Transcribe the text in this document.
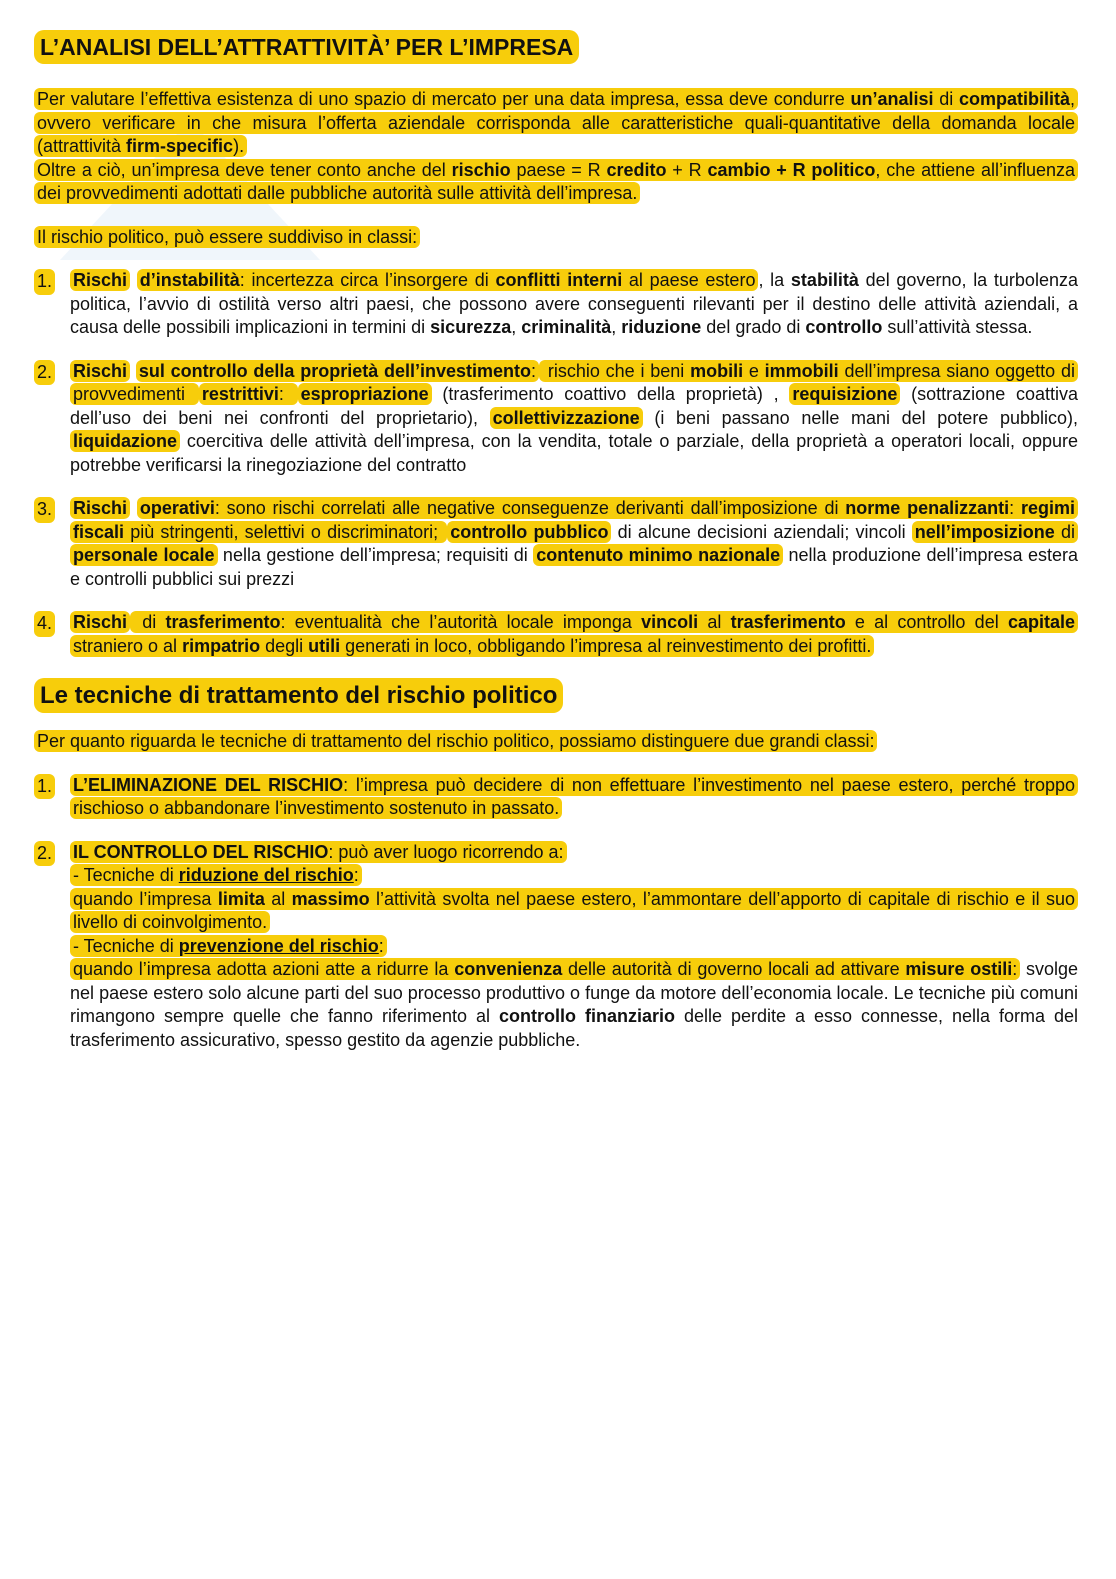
L’ANALISI DELL’ATTRATTIVITÀ’ PER L’IMPRESA

Per valutare l’effettiva esistenza di uno spazio di mercato per una data impresa, essa deve condurre un’analisi di compatibilità, ovvero verificare in che misura l’offerta aziendale corrisponda alle caratteristiche quali-quantitative della domanda locale (attrattività firm-specific).

Oltre a ciò, un’impresa deve tener conto anche del rischio paese = R credito + R cambio + R politico, che attiene all’influenza dei provvedimenti adottati dalle pubbliche autorità sulle attività dell’impresa.

Il rischio politico, può essere suddiviso in classi:

1. Rischi d’instabilità: incertezza circa l’insorgere di conflitti interni al paese estero , la stabilità del governo, la turbolenza politica, l’avvio di ostilità verso altri paesi, che possono avere conseguenti rilevanti per il destino delle attività aziendali, a causa delle possibili implicazioni in termini di sicurezza, criminalità, riduzione del grado di controllo sull’attività stessa.
2. Rischi sul controllo della proprietà dell’investimento: rischio che i beni mobili e immobili dell’impresa siano oggetto di provvedimenti restrittivi: espropriazione (trasferimento coattivo della proprietà) , requisizione (sottrazione coattiva dell’uso dei beni nei confronti del proprietario), collettivizzazione (i beni passano nelle mani del potere pubblico), liquidazione coercitiva delle attività dell’impresa, con la vendita, totale o parziale, della proprietà a operatori locali, oppure potrebbe verificarsi la rinegoziazione del contratto
3. Rischi operativi: sono rischi correlati alle negative conseguenze derivanti dall’imposizione di norme penalizzanti: regimi fiscali più stringenti, selettivi o discriminatori; controllo pubblico di alcune decisioni aziendali; vincoli nell’imposizione di personale locale nella gestione dell’impresa; requisiti di contenuto minimo nazionale nella produzione dell’impresa estera e controlli pubblici sui prezzi
4. Rischi di trasferimento: eventualità che l’autorità locale imponga vincoli al trasferimento e al controllo del capitale straniero o al rimpatrio degli utili generati in loco, obbligando l’impresa al reinvestimento dei profitti.
Le tecniche di trattamento del rischio politico

Per quanto riguarda le tecniche di trattamento del rischio politico, possiamo distinguere due grandi classi:

1. L’ELIMINAZIONE DEL RISCHIO: l’impresa può decidere di non effettuare l’investimento nel paese estero, perché troppo rischioso o abbandonare l’investimento sostenuto in passato.
2. IL CONTROLLO DEL RISCHIO: può aver luogo ricorrendo a:
- Tecniche di riduzione del rischio:
quando l’impresa limita al massimo l’attività svolta nel paese estero, l’ammontare dell’apporto di capitale di rischio e il suo livello di coinvolgimento.
- Tecniche di prevenzione del rischio:
quando l’impresa adotta azioni atte a ridurre la convenienza delle autorità di governo locali ad attivare misure ostili: svolge nel paese estero solo alcune parti del suo processo produttivo o funge da motore dell’economia locale. Le tecniche più comuni rimangono sempre quelle che fanno riferimento al controllo finanziario delle perdite a esso connesse, nella forma del trasferimento assicurativo, spesso gestito da agenzie pubbliche.
